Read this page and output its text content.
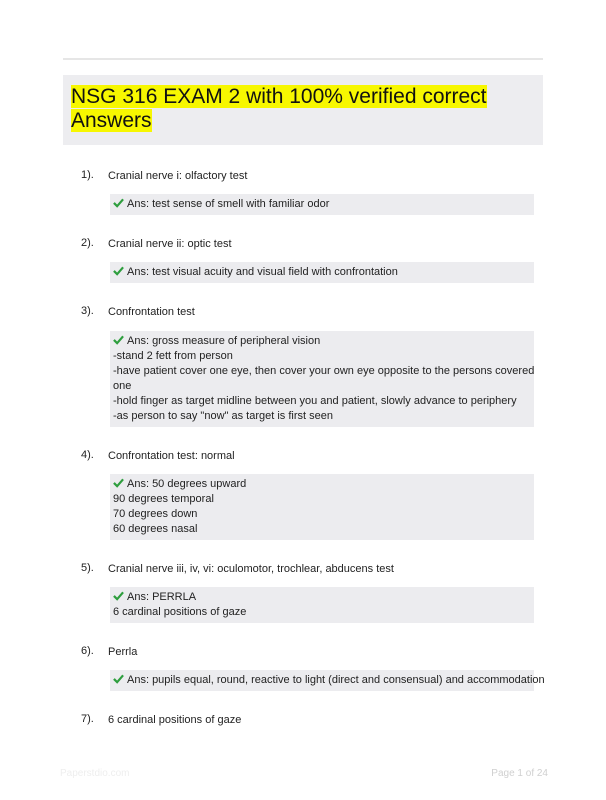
NSG 316 EXAM 2 with 100% verified correct
Answers
1). Cranial nerve i: olfactory test
Ans: test sense of smell with familiar odor
2). Cranial nerve ii: optic test
Ans: test visual acuity and visual field with confrontation
3). Confrontation test
Ans: gross measure of peripheral vision
-stand 2 fett from person
-have patient cover one eye, then cover your own eye opposite to the persons covered
one
-hold finger as target midline between you and patient, slowly advance to periphery
-as person to say "now" as target is first seen
4). Confrontation test: normal
Ans: 50 degrees upward
90 degrees temporal
70 degrees down
60 degrees nasal
5). Cranial nerve iii, iv, vi: oculomotor, trochlear, abducens test
Ans: PERRLA
6 cardinal positions of gaze
6). Perrla
Ans: pupils equal, round, reactive to light (direct and consensual) and accommodation
7). 6 cardinal positions of gaze
Paperstdio.com	Page 1 of 24
